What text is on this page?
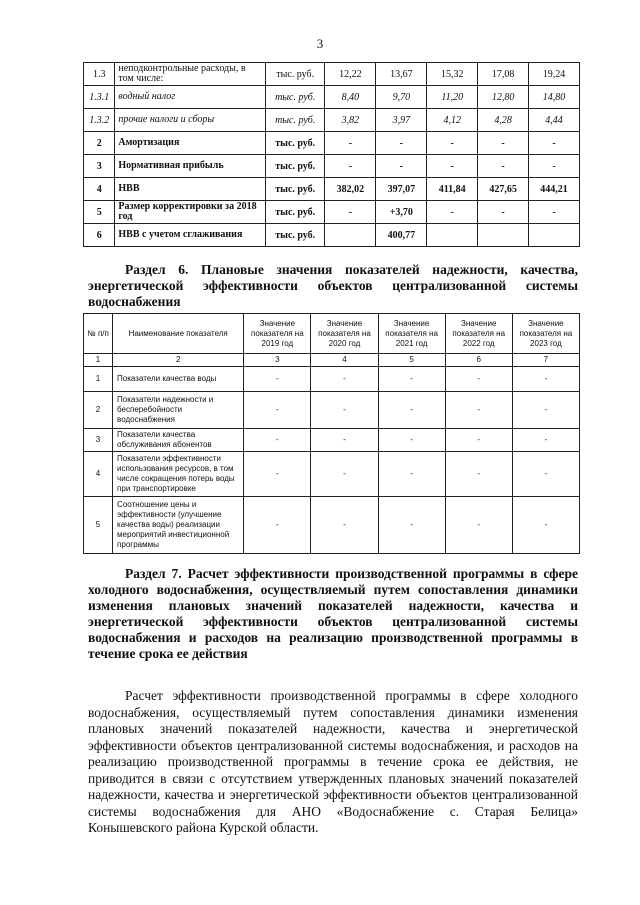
3
1.3	неподконтрольные расходы, в том числе:	тыс. руб.	12,22	13,67	15,32	17,08	19,24
1.3.1	водный налог	тыс. руб.	8,40	9,70	11,20	12,80	14,80
1.3.2	прочие налоги и сборы	тыс. руб.	3,82	3,97	4,12	4,28	4,44
2	Амортизация	тыс. руб.	-	-	-	-	-
3	Нормативная прибыль	тыс. руб.	-	-	-	-	-
4	НВВ	тыс. руб.	382,02	397,07	411,84	427,65	444,21
5	Размер корректировки за 2018 год	тыс. руб.	-	+3,70	-	-	-
6	НВВ с учетом сглаживания	тыс. руб.		400,77			
Раздел 6. Плановые значения показателей надежности, качества, энергетической эффективности объектов централизованной системы водоснабжения
№ п/п	Наименование показателя	Значение показателя на 2019 год	Значение показателя на 2020 год	Значение показателя на 2021 год	Значение показателя на 2022 год	Значение показателя на 2023 год
1	2	3	4	5	6	7
1	Показатели качества воды	-	-	-	-	-
2	Показатели надежности и бесперебойности водоснабжения	-	-	-	-	-
3	Показатели качества обслуживания абонентов	-	-	-	-	-
4	Показатели эффективности использования ресурсов, в том числе сокращения потерь воды при транспортировке	-	-	-	-	-
5	Соотношение цены и эффективности (улучшение качества воды) реализации мероприятий инвестиционной программы	-	-	-	-	-
Раздел 7. Расчет эффективности производственной программы в сфере холодного водоснабжения, осуществляемый путем сопоставления динамики изменения плановых значений показателей надежности, качества и энергетической эффективности объектов централизованной системы водоснабжения и расходов на реализацию производственной программы в течение срока ее действия
Расчет эффективности производственной программы в сфере холодного водоснабжения, осуществляемый путем сопоставления динамики изменения плановых значений показателей надежности, качества и энергетической эффективности объектов централизованной системы водоснабжения, и расходов на реализацию производственной программы в течение срока ее действия, не приводится в связи с отсутствием утвержденных плановых значений показателей надежности, качества и энергетической эффективности объектов централизованной системы водоснабжения для АНО «Водоснабжение с. Старая Белица» Конышевского района Курской области.
